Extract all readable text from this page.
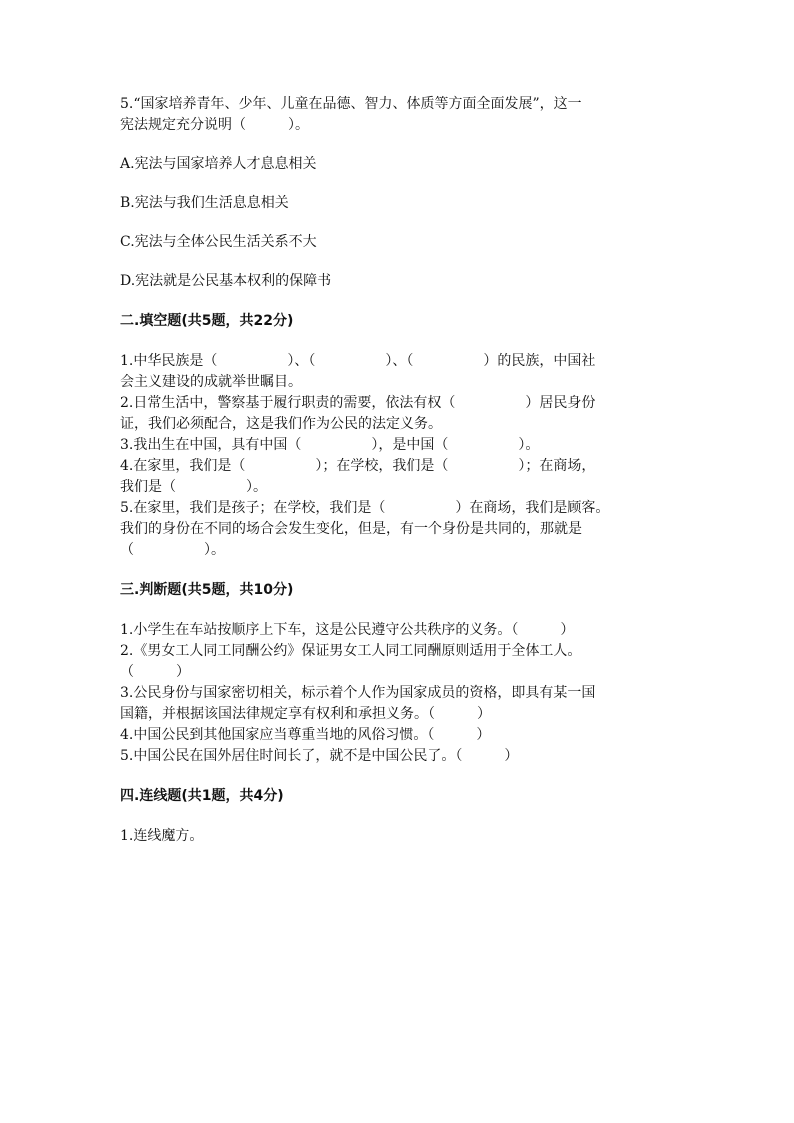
5.“国家培养青年、少年、儿童在品德、智力、体质等方面全面发展”，这一
宪法规定充分说明（　　　）。
A.宪法与国家培养人才息息相关
B.宪法与我们生活息息相关
C.宪法与全体公民生活关系不大
D.宪法就是公民基本权利的保障书
二.填空题(共5题，共22分)
1.中华民族是（　　　　　）、（　　　　　）、（　　　　　）的民族，中国社
会主义建设的成就举世瞩目。
2.日常生活中，警察基于履行职责的需要，依法有权（　　　　　）居民身份
证，我们必须配合，这是我们作为公民的法定义务。
3.我出生在中国，具有中国（　　　　　），是中国（　　　　　）。
4.在家里，我们是（　　　　　）；在学校，我们是（　　　　　）；在商场，
我们是（　　　　　）。
5.在家里，我们是孩子；在学校，我们是（　　　　　）在商场，我们是顾客。
我们的身份在不同的场合会发生变化，但是，有一个身份是共同的，那就是
（　　　　　）。
三.判断题(共5题，共10分)
1.小学生在车站按顺序上下车，这是公民遵守公共秩序的义务。（　　　）
2.《男女工人同工同酬公约》保证男女工人同工同酬原则适用于全体工人。
（　　　）
3.公民身份与国家密切相关，标示着个人作为国家成员的资格，即具有某一国
国籍，并根据该国法律规定享有权利和承担义务。（　　　）
4.中国公民到其他国家应当尊重当地的风俗习惯。（　　　）
5.中国公民在国外居住时间长了，就不是中国公民了。（　　　）
四.连线题(共1题，共4分)
1.连线魔方。
